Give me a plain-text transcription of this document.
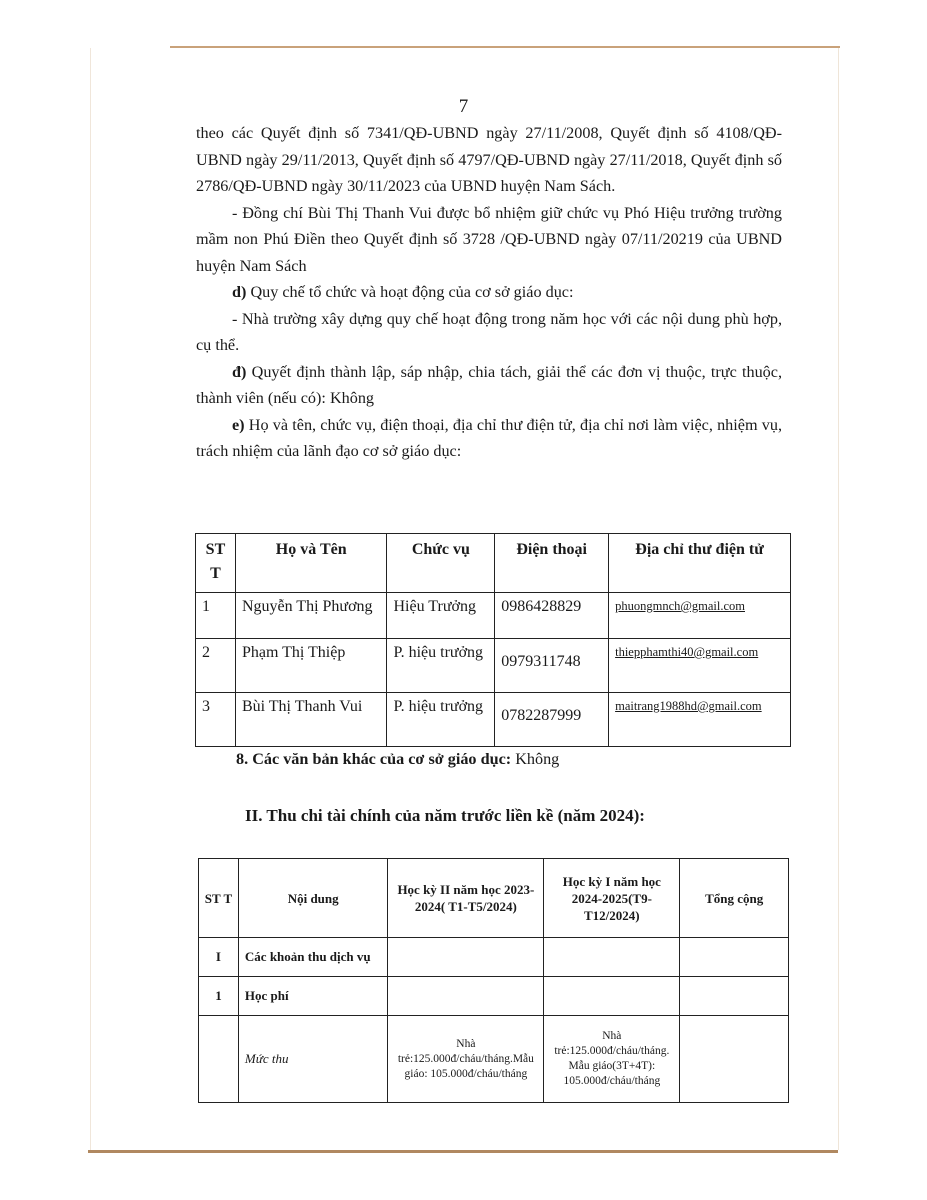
7

theo các Quyết định số 7341/QĐ-UBND ngày 27/11/2008, Quyết định số 4108/QĐ-UBND ngày 29/11/2013, Quyết định số 4797/QĐ-UBND ngày 27/11/2018, Quyết định số 2786/QĐ-UBND ngày 30/11/2023 của UBND huyện Nam Sách.

- Đồng chí Bùi Thị Thanh Vui được bổ nhiệm giữ chức vụ Phó Hiệu trưởng trường mầm non Phú Điền theo Quyết định số 3728 /QĐ-UBND ngày 07/11/20219 của UBND huyện Nam Sách

d) Quy chế tổ chức và hoạt động của cơ sở giáo dục:

- Nhà trường xây dựng quy chế hoạt động trong năm học với các nội dung phù hợp, cụ thể.

đ) Quyết định thành lập, sáp nhập, chia tách, giải thể các đơn vị thuộc, trực thuộc, thành viên (nếu có): Không

e) Họ và tên, chức vụ, điện thoại, địa chỉ thư điện tử, địa chỉ nơi làm việc, nhiệm vụ, trách nhiệm của lãnh đạo cơ sở giáo dục:

ST T	Họ và Tên	Chức vụ	Điện thoại	Địa chỉ thư điện tử
1	Nguyễn Thị Phương	Hiệu Trưởng	0986428829	phuongmnch@gmail.com
2	Phạm Thị Thiệp	P. hiệu trưởng	0979311748	thiepphamthi40@gmail.com
3	Bùi Thị Thanh Vui	P. hiệu trưởng	0782287999	maitrang1988hd@gmail.com
8. Các văn bản khác của cơ sở giáo dục: Không
II. Thu chi tài chính của năm trước liền kề (năm 2024):
ST T	Nội dung	Học kỳ II năm học 2023-2024( T1-T5/2024)	Học kỳ I năm học 2024-2025(T9-T12/2024)	Tổng cộng
I	Các khoản thu dịch vụ			
1	Học phí			
	Mức thu	Nhà trẻ:125.000đ/cháu/tháng.Mẫu giáo: 105.000đ/cháu/tháng	Nhà trẻ:125.000đ/cháu/tháng. Mẫu giáo(3T+4T): 105.000đ/cháu/tháng	
